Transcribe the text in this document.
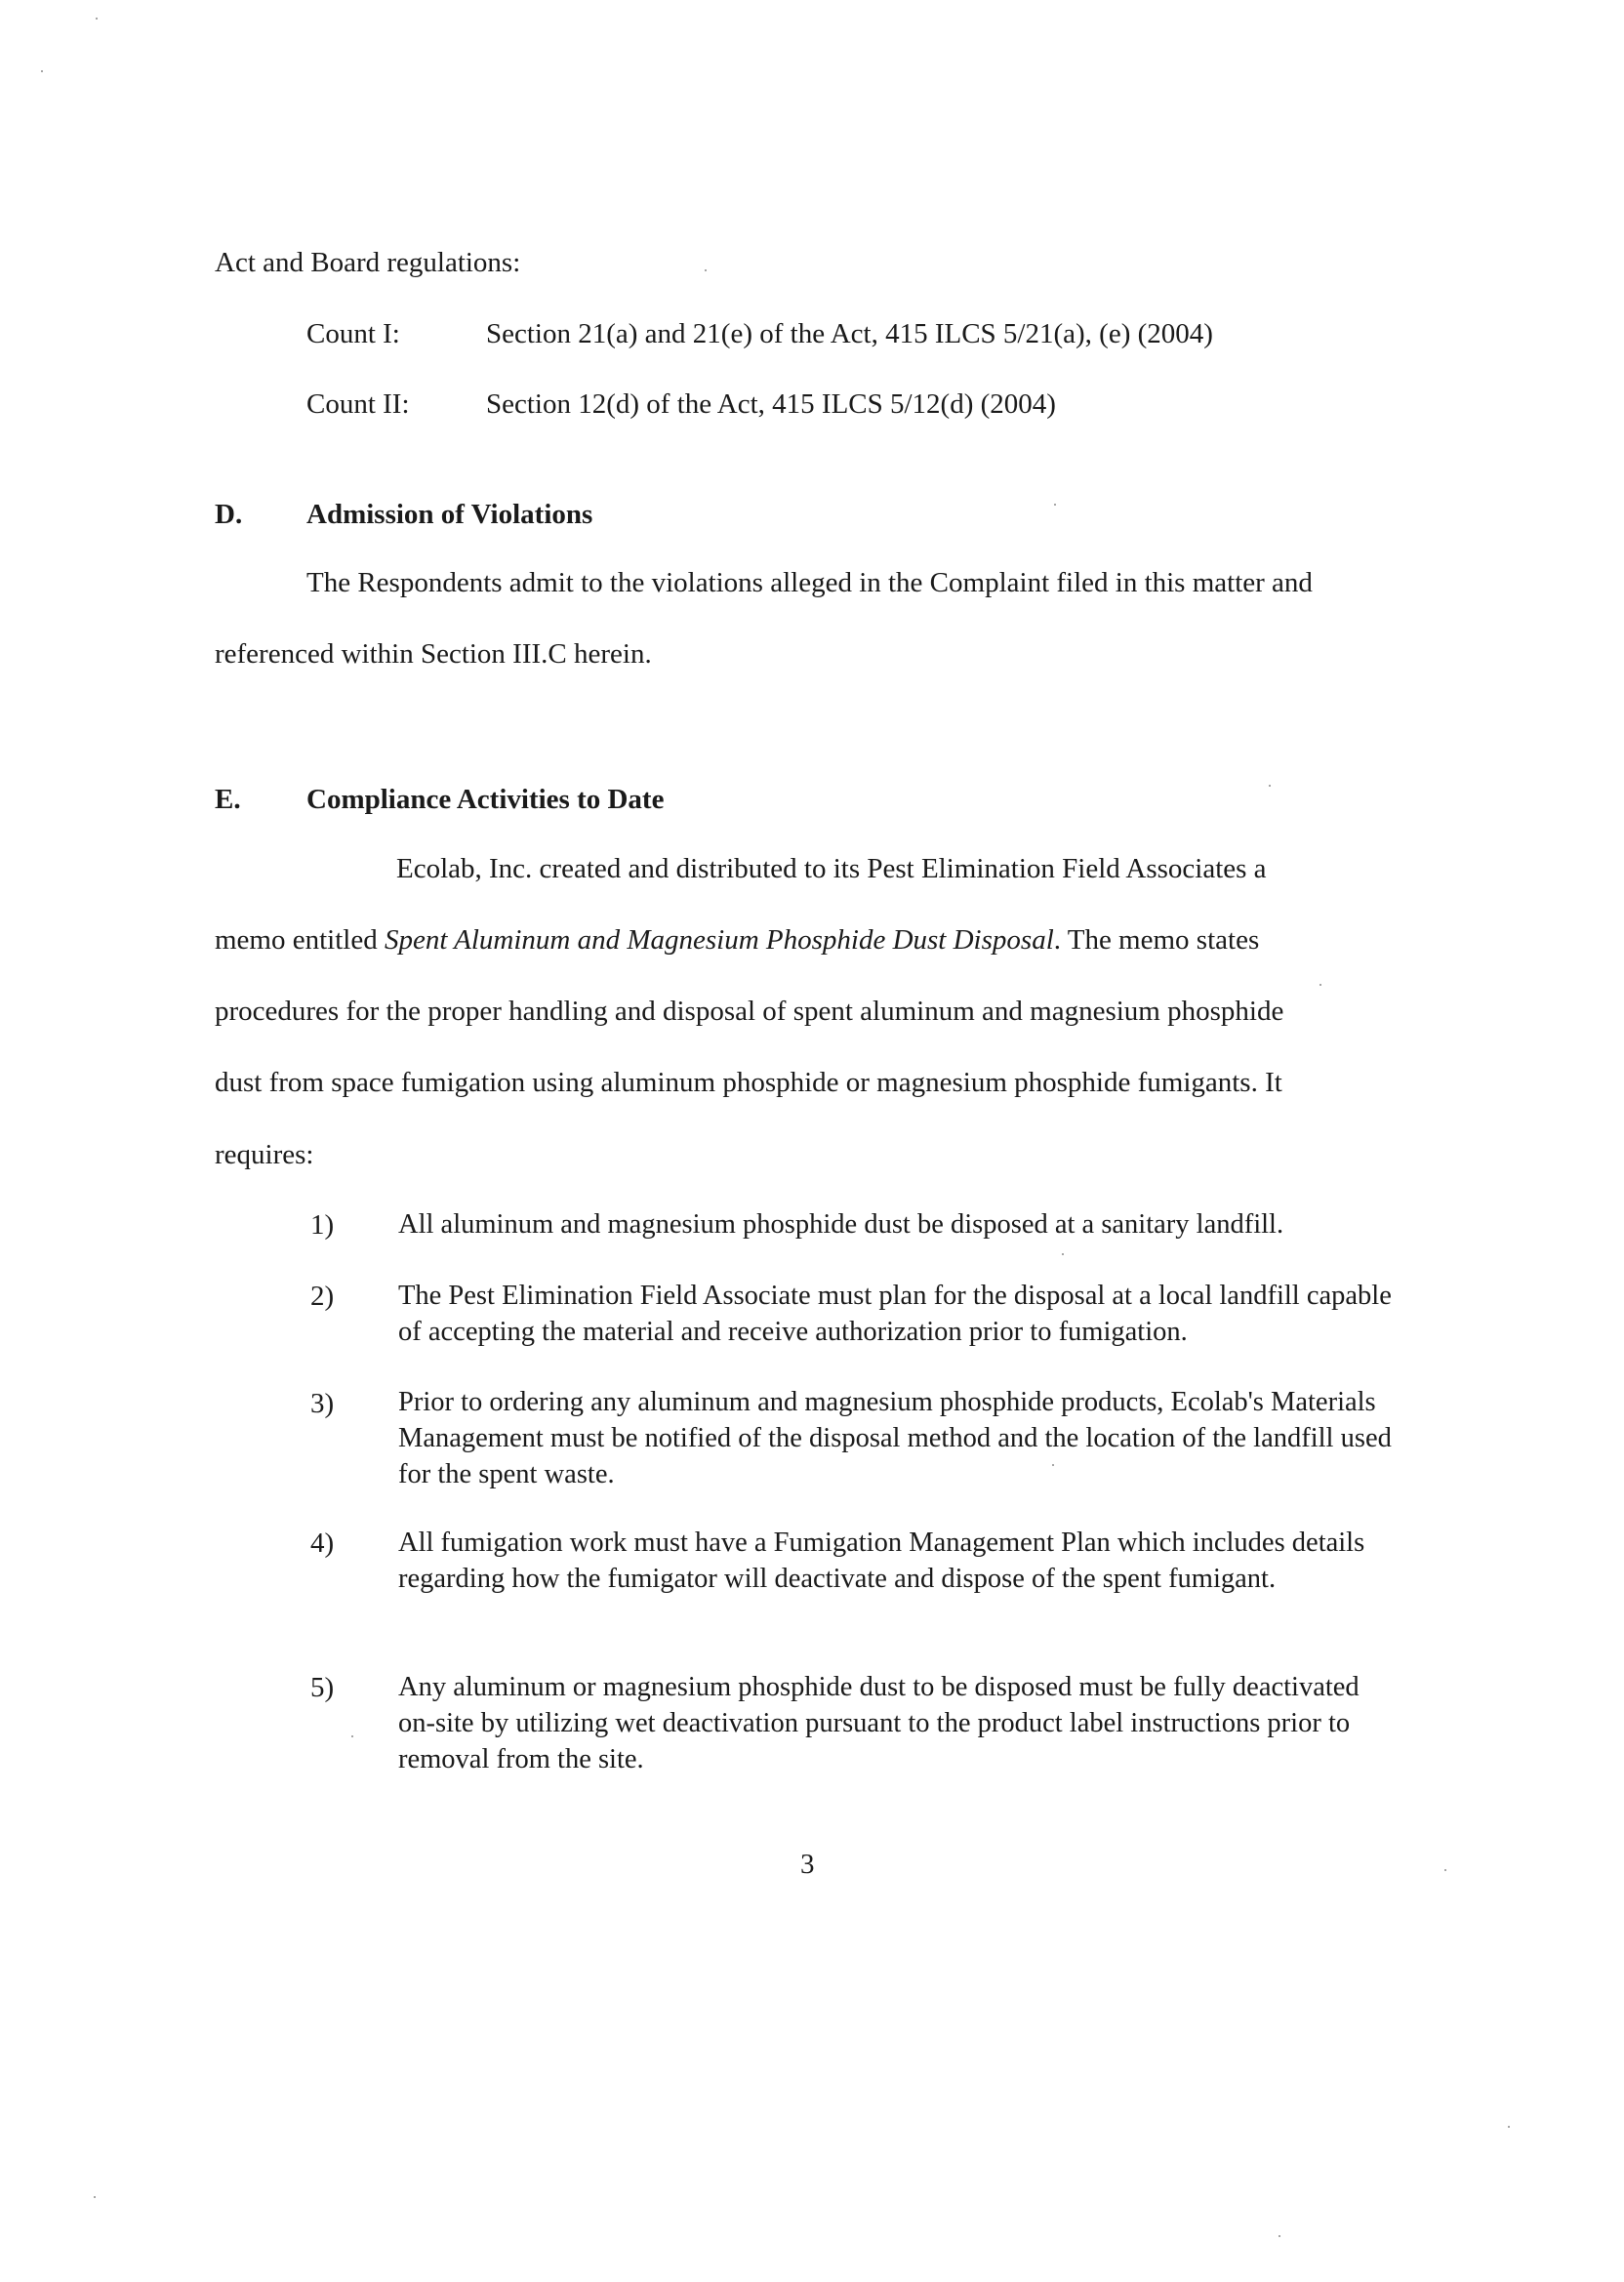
Act and Board regulations:
Count I:	Section 21(a) and 21(e) of the Act, 415 ILCS 5/21(a), (e) (2004)
Count II:	Section 12(d) of the Act, 415 ILCS 5/12(d) (2004)
D. Admission of Violations
The Respondents admit to the violations alleged in the Complaint filed in this matter and
referenced within Section III.C herein.
E. Compliance Activities to Date
Ecolab, Inc. created and distributed to its Pest Elimination Field Associates a
memo entitled Spent Aluminum and Magnesium Phosphide Dust Disposal. The memo states
procedures for the proper handling and disposal of spent aluminum and magnesium phosphide
dust from space fumigation using aluminum phosphide or magnesium phosphide fumigants. It
requires:
1) All aluminum and magnesium phosphide dust be disposed at a sanitary landfill.
2) The Pest Elimination Field Associate must plan for the disposal at a local landfill capable of accepting the material and receive authorization prior to fumigation.
3) Prior to ordering any aluminum and magnesium phosphide products, Ecolab's Materials Management must be notified of the disposal method and the location of the landfill used for the spent waste.
4) All fumigation work must have a Fumigation Management Plan which includes details regarding how the fumigator will deactivate and dispose of the spent fumigant.
5) Any aluminum or magnesium phosphide dust to be disposed must be fully deactivated on-site by utilizing wet deactivation pursuant to the product label instructions prior to removal from the site.
3
